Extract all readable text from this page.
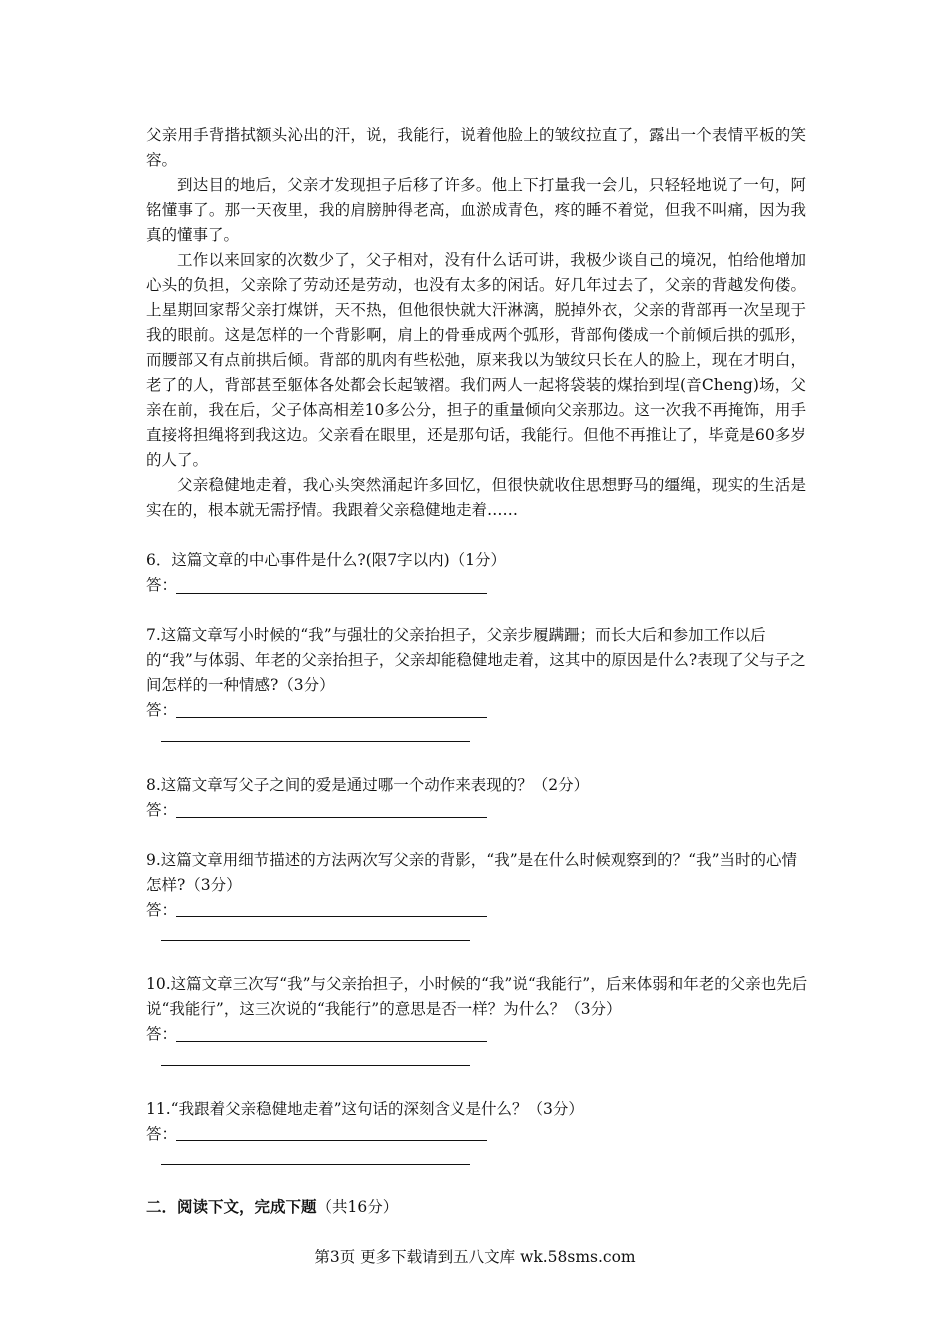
父亲用手背揩拭额头沁出的汗，说，我能行，说着他脸上的皱纹拉直了，露出一个表情平板的笑容。

到达目的地后，父亲才发现担子后移了许多。他上下打量我一会儿，只轻轻地说了一句，阿铭懂事了。那一天夜里，我的肩膀肿得老高，血淤成青色，疼的睡不着觉，但我不叫痛，因为我真的懂事了。

工作以来回家的次数少了，父子相对，没有什么话可讲，我极少谈自己的境况，怕给他增加心头的负担，父亲除了劳动还是劳动，也没有太多的闲话。好几年过去了，父亲的背越发佝偻。上星期回家帮父亲打煤饼，天不热，但他很快就大汗淋漓，脱掉外衣，父亲的背部再一次呈现于我的眼前。这是怎样的一个背影啊，肩上的骨垂成两个弧形，背部佝偻成一个前倾后拱的弧形，而腰部又有点前拱后倾。背部的肌肉有些松弛，原来我以为皱纹只长在人的脸上，现在才明白，老了的人，背部甚至躯体各处都会长起皱褶。我们两人一起将袋装的煤抬到埕(音Cheng)场，父亲在前，我在后，父子体高相差10多公分，担子的重量倾向父亲那边。这一次我不再掩饰，用手直接将担绳将到我这边。父亲看在眼里，还是那句话，我能行。但他不再推让了，毕竟是60多岁的人了。

父亲稳健地走着，我心头突然涌起许多回忆，但很快就收住思想野马的缰绳，现实的生活是实在的，根本就无需抒情。我跟着父亲稳健地走着……

6．这篇文章的中心事件是什么?(限7字以内)（1分）

答：

7.这篇文章写小时候的“我”与强壮的父亲抬担子，父亲步履蹒跚；而长大后和参加工作以后的“我”与体弱、年老的父亲抬担子，父亲却能稳健地走着，这其中的原因是什么?表现了父与子之间怎样的一种情感?（3分）

答：

8.这篇文章写父子之间的爱是通过哪一个动作来表现的？（2分）

答：

9.这篇文章用细节描述的方法两次写父亲的背影，“我”是在什么时候观察到的？“我”当时的心情怎样?（3分）

答：

10.这篇文章三次写“我”与父亲抬担子，小时候的“我”说“我能行”，后来体弱和年老的父亲也先后说“我能行”，这三次说的“我能行”的意思是否一样？为什么？（3分）

答：

11.“我跟着父亲稳健地走着”这句话的深刻含义是什么？（3分）

答：
二．阅读下文，完成下题（共16分）
第3页 更多下载请到五八文库 wk.58sms.com
